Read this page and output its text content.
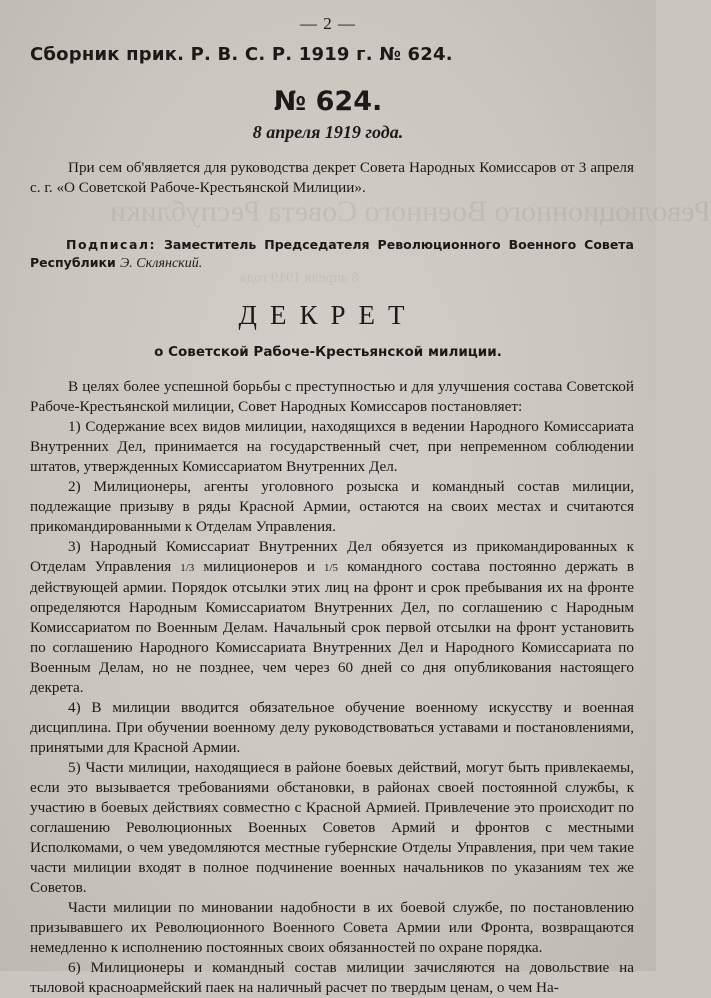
Революционного Военного Совета Республики
8 апреля 1919 года
— 2 —
Сборник прик. Р. В. С. Р. 1919 г. № 624.
№ 624.
8 апреля 1919 года.
При сем об'является для руководства декрет Совета Народных Комиссаров от 3 апреля с. г. «О Советской Рабоче-Крестьянской Милиции».
Подписал: Заместитель Председателя Революционного Военного Совета Республики Э. Склянский.
ДЕКРЕТ
о Советской Рабоче-Крестьянской милиции.

В целях более успешной борьбы с преступностью и для улучшения состава Советской Рабоче-Крестьянской милиции, Совет Народных Комиссаров постановляет:

1) Содержание всех видов милиции, находящихся в ведении Народного Комиссариата Внутренних Дел, принимается на государственный счет, при непременном соблюдении штатов, утвержденных Комиссариатом Внутренних Дел.

2) Милиционеры, агенты уголовного розыска и командный состав милиции, подлежащие призыву в ряды Красной Армии, остаются на своих местах и считаются прикомандированными к Отделам Управления.

3) Народный Комиссариат Внутренних Дел обязуется из прикомандированных к Отделам Управления 1/3 милиционеров и 1/5 командного состава постоянно держать в действующей армии. Порядок отсылки этих лиц на фронт и срок пребывания их на фронте определяются Народным Комиссариатом Внутренних Дел, по соглашению с Народным Комиссариатом по Военным Делам. Начальный срок первой отсылки на фронт установить по соглашению Народного Комиссариата Внутренних Дел и Народного Комиссариата по Военным Делам, но не позднее, чем через 60 дней со дня опубликования настоящего декрета.

4) В милиции вводится обязательное обучение военному искусству и военная дисциплина. При обучении военному делу руководствоваться уставами и постановлениями, принятыми для Красной Армии.

5) Части милиции, находящиеся в районе боевых действий, могут быть привлекаемы, если это вызывается требованиями обстановки, в районах своей постоянной службы, к участию в боевых действиях совместно с Красной Армией. Привлечение это происходит по соглашению Революционных Военных Советов Армий и фронтов с местными Исполкомами, о чем уведомляются местные губернские Отделы Управления, при чем такие части милиции входят в полное подчинение военных начальников по указаниям тех же Советов.

Части милиции по миновании надобности в их боевой службе, по постановлению призывавшего их Революционного Военного Совета Армии или Фронта, возвращаются немедленно к исполнению постоянных своих обязанностей по охране порядка.

6) Милиционеры и командный состав милиции зачисляются на довольствие на тыловой красноармейский паек на наличный расчет по твердым ценам, о чем На-
